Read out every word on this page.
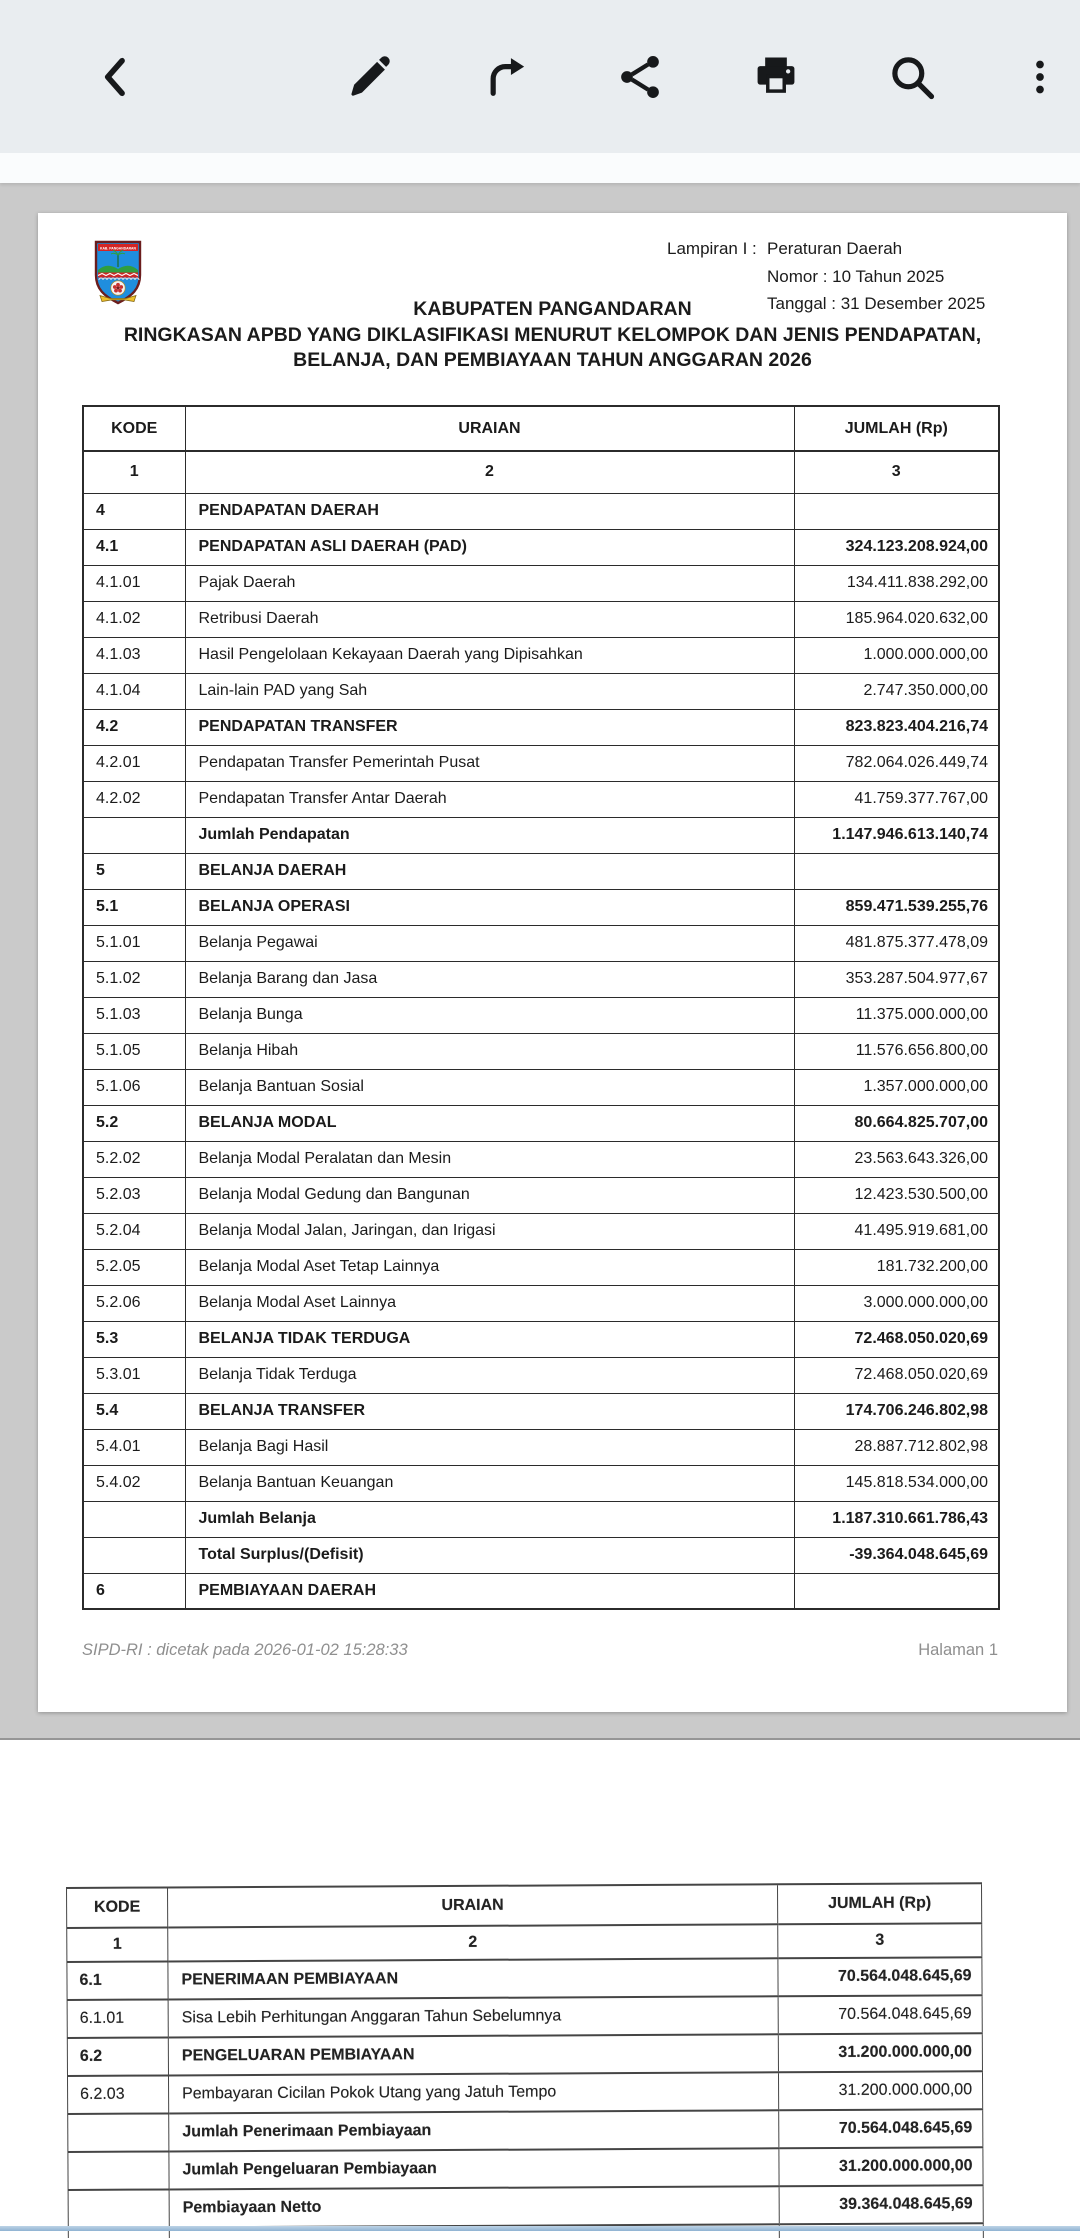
KAB. PANGANDARAN	Lampiran I : Peraturan Daerah
Nomor : 10 Tahun 2025
Tanggal : 31 Desember 2025
KABUPATEN PANGANDARAN
RINGKASAN APBD YANG DIKLASIFIKASI MENURUT KELOMPOK DAN JENIS PENDAPATAN, BELANJA, DAN PEMBIAYAAN TAHUN ANGGARAN 2026
KODE	URAIAN	JUMLAH (Rp)
1	2	3
4	PENDAPATAN DAERAH	
4.1	PENDAPATAN ASLI DAERAH (PAD)	324.123.208.924,00
4.1.01	Pajak Daerah	134.411.838.292,00
4.1.02	Retribusi Daerah	185.964.020.632,00
4.1.03	Hasil Pengelolaan Kekayaan Daerah yang Dipisahkan	1.000.000.000,00
4.1.04	Lain-lain PAD yang Sah	2.747.350.000,00
4.2	PENDAPATAN TRANSFER	823.823.404.216,74
4.2.01	Pendapatan Transfer Pemerintah Pusat	782.064.026.449,74
4.2.02	Pendapatan Transfer Antar Daerah	41.759.377.767,00
	Jumlah Pendapatan	1.147.946.613.140,74
5	BELANJA DAERAH	
5.1	BELANJA OPERASI	859.471.539.255,76
5.1.01	Belanja Pegawai	481.875.377.478,09
5.1.02	Belanja Barang dan Jasa	353.287.504.977,67
5.1.03	Belanja Bunga	11.375.000.000,00
5.1.05	Belanja Hibah	11.576.656.800,00
5.1.06	Belanja Bantuan Sosial	1.357.000.000,00
5.2	BELANJA MODAL	80.664.825.707,00
5.2.02	Belanja Modal Peralatan dan Mesin	23.563.643.326,00
5.2.03	Belanja Modal Gedung dan Bangunan	12.423.530.500,00
5.2.04	Belanja Modal Jalan, Jaringan, dan Irigasi	41.495.919.681,00
5.2.05	Belanja Modal Aset Tetap Lainnya	181.732.200,00
5.2.06	Belanja Modal Aset Lainnya	3.000.000.000,00
5.3	BELANJA TIDAK TERDUGA	72.468.050.020,69
5.3.01	Belanja Tidak Terduga	72.468.050.020,69
5.4	BELANJA TRANSFER	174.706.246.802,98
5.4.01	Belanja Bagi Hasil	28.887.712.802,98
5.4.02	Belanja Bantuan Keuangan	145.818.534.000,00
	Jumlah Belanja	1.187.310.661.786,43
	Total Surplus/(Defisit)	-39.364.048.645,69
6	PEMBIAYAAN DAERAH	
SIPD-RI : dicetak pada 2026-01-02 15:28:33	Halaman 1
KODE	URAIAN	JUMLAH (Rp)
1	2	3
6.1	PENERIMAAN PEMBIAYAAN	70.564.048.645,69
6.1.01	Sisa Lebih Perhitungan Anggaran Tahun Sebelumnya	70.564.048.645,69
6.2	PENGELUARAN PEMBIAYAAN	31.200.000.000,00
6.2.03	Pembayaran Cicilan Pokok Utang yang Jatuh Tempo	31.200.000.000,00
	Jumlah Penerimaan Pembiayaan	70.564.048.645,69
	Jumlah Pengeluaran Pembiayaan	31.200.000.000,00
	Pembiayaan Netto	39.364.048.645,69
